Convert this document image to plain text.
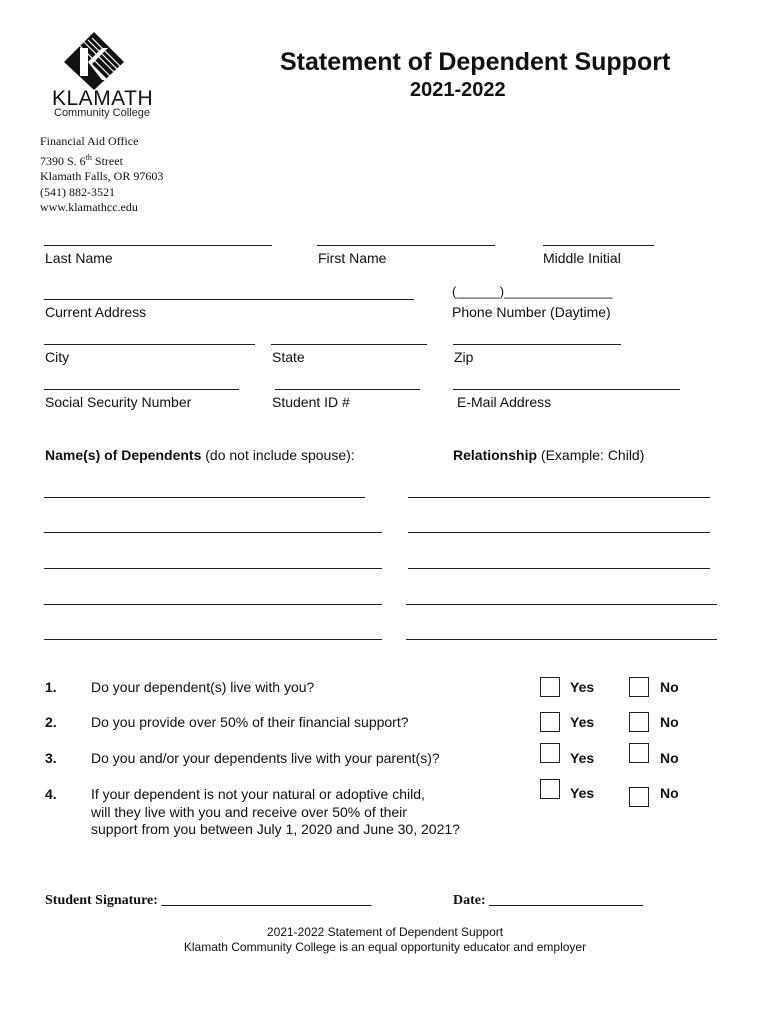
KLAMATH
Community College
Statement of Dependent Support
2021-2022
Financial Aid Office
7390 S. 6th Street
Klamath Falls, OR 97603
(541) 882-3521
www.klamathcc.edu
Last Name	First Name	Middle Initial
Current Address
(______)_______________
Phone Number (Daytime)
City	State	Zip
Social Security Number	Student ID #	E-Mail Address
Name(s) of Dependents (do not include spouse):	Relationship (Example: Child)
1. Do your dependent(s) live with you?	Yes	No
2. Do you provide over 50% of their financial support?	Yes	No
3. Do you and/or your dependents live with your parent(s)?	Yes	No
4. If your dependent is not your natural or adoptive child,
will they live with you and receive over 50% of their
support from you between July 1, 2020 and June 30, 2021?
Yes	No
Student Signature: ______________________________	Date: ______________________
2021-2022 Statement of Dependent Support
Klamath Community College is an equal opportunity educator and employer
